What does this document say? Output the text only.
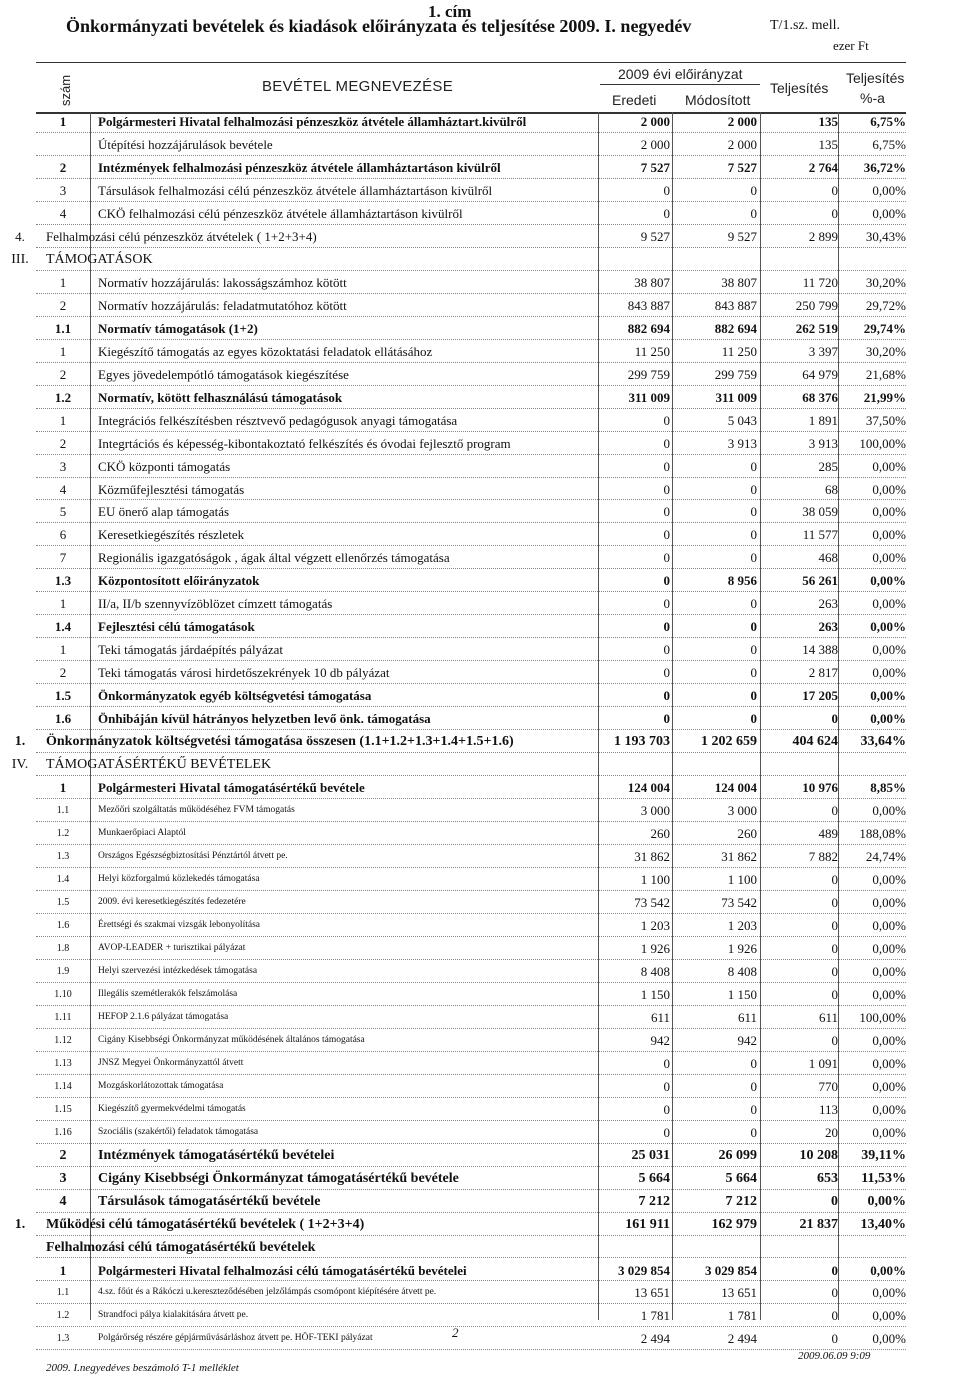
1. cím
Önkormányzati bevételek és kiadások előirányzata és teljesítése 2009. I. negyedév	T/1.sz. mell.
ezer Ft
szám	BEVÉTEL MEGNEVEZÉSE
2009 évi előirányzat
Eredeti Módosított
Teljesítés
Teljesítés
%-a
1	Polgármesteri Hivatal felhalmozási pénzeszköz átvétele államháztart.kivülről	2 000	2 000	135	6,75%
Útépítési hozzájárulások bevétele	2 000	2 000	135	6,75%
2	Intézmények felhalmozási pénzeszköz átvétele államháztartáson kivülről	7 527	7 527	2 764	36,72%
3	Társulások felhalmozási célú pénzeszköz átvétele államháztartáson kivülről	0	0	0	0,00%
4	CKÖ felhalmozási célú pénzeszköz átvétele államháztartáson kivülről	0	0	0	0,00%
4.	Felhalmozási célú pénzeszköz átvételek ( 1+2+3+4)	9 527	9 527	2 899	30,43%
III.	TÁMOGATÁSOK
1	Normatív hozzájárulás: lakosságszámhoz kötött	38 807	38 807	11 720	30,20%
2	Normatív hozzájárulás: feladatmutatóhoz kötött	843 887	843 887	250 799	29,72%
1.1	Normatív támogatások (1+2)	882 694	882 694	262 519	29,74%
1	Kiegészítő támogatás az egyes közoktatási feladatok ellátásához	11 250	11 250	3 397	30,20%
2	Egyes jövedelempótló támogatások kiegészítése	299 759	299 759	64 979	21,68%
1.2	Normatív, kötött felhasználású támogatások	311 009	311 009	68 376	21,99%
1	Integrációs felkészítésben résztvevő pedagógusok anyagi támogatása	0	5 043	1 891	37,50%
2	Integrtációs és képesség-kibontakoztató felkészítés és óvodai fejlesztő program	0	3 913	3 913	100,00%
3	CKÖ központi támogatás	0	0	285	0,00%
4	Közműfejlesztési támogatás	0	0	68	0,00%
5	EU önerő alap támogatás	0	0	38 059	0,00%
6	Keresetkiegészítés részletek	0	0	11 577	0,00%
7	Regionális igazgatóságok , ágak által végzett ellenőrzés támogatása	0	0	468	0,00%
1.3	Központosított előirányzatok	0	8 956	56 261	0,00%
1	II/a, II/b szennyvízöblözet címzett támogatás	0	0	263	0,00%
1.4	Fejlesztési célú támogatások	0	0	263	0,00%
1	Teki támogatás járdaépítés pályázat	0	0	14 388	0,00%
2	Teki támogatás városi hirdetőszekrények 10 db pályázat	0	0	2 817	0,00%
1.5	Önkormányzatok egyéb költségvetési támogatása	0	0	17 205	0,00%
1.6	Önhibáján kívül hátrányos helyzetben levő önk. támogatása	0	0	0	0,00%
1.	Önkormányzatok költségvetési támogatása összesen (1.1+1.2+1.3+1.4+1.5+1.6)	1 193 703	1 202 659	404 624	33,64%
IV.	TÁMOGATÁSÉRTÉKŰ BEVÉTELEK
1	Polgármesteri Hivatal támogatásértékű bevétele	124 004	124 004	10 976	8,85%
1.1	Mezőőri szolgáltatás működéséhez FVM támogatás	3 000	3 000	0	0,00%
1.2	Munkaerőpiaci Alaptól	260	260	489	188,08%
1.3	Országos Egészségbiztosítási Pénztártól átvett pe.	31 862	31 862	7 882	24,74%
1.4	Helyi közforgalmú közlekedés támogatása	1 100	1 100	0	0,00%
1.5	2009. évi keresetkiegészítés fedezetére	73 542	73 542	0	0,00%
1.6	Érettségi és szakmai vizsgák lebonyolítása	1 203	1 203	0	0,00%
1.8	AVOP-LEADER + turisztikai pályázat	1 926	1 926	0	0,00%
1.9	Helyi szervezési intézkedések támogatása	8 408	8 408	0	0,00%
1.10	Illegális szemétlerakók felszámolása	1 150	1 150	0	0,00%
1.11	HEFOP 2.1.6 pályázat támogatása	611	611	611	100,00%
1.12	Cigány Kisebbségi Önkormányzat működésének általános támogatása	942	942	0	0,00%
1.13	JNSZ Megyei Önkormányzattól átvett	0	0	1 091	0,00%
1.14	Mozgáskorlátozottak támogatása	0	0	770	0,00%
1.15	Kiegészítő gyermekvédelmi támogatás	0	0	113	0,00%
1.16	Szociális (szakértői) feladatok támogatása	0	0	20	0,00%
2	Intézmények támogatásértékű bevételei	25 031	26 099	10 208	39,11%
3	Cigány Kisebbségi Önkormányzat támogatásértékű bevétele	5 664	5 664	653	11,53%
4	Társulások támogatásértékű bevétele	7 212	7 212	0	0,00%
1.	Működési célú támogatásértékű bevételek ( 1+2+3+4)	161 911	162 979	21 837	13,40%
Felhalmozási célú támogatásértékű bevételek
1	Polgármesteri Hivatal felhalmozási célú támogatásértékű bevételei	3 029 854	3 029 854	0	0,00%
1.1	4.sz. főút és a Rákóczi u.kereszteződésében jelzőlámpás csomópont kiépítésére átvett pe.	13 651	13 651	0	0,00%
1.2	Strandfoci pálya kialakítására átvett pe.	1 781	1 781	0	0,00%
1.3	Polgárőrség részére gépjárművásárláshoz átvett pe. HÖF-TEKI pályázat	2 494	2 494	0	0,00%
2
2009. I.negyedéves beszámoló T-1 melléklet
2009.06.09 9:09
